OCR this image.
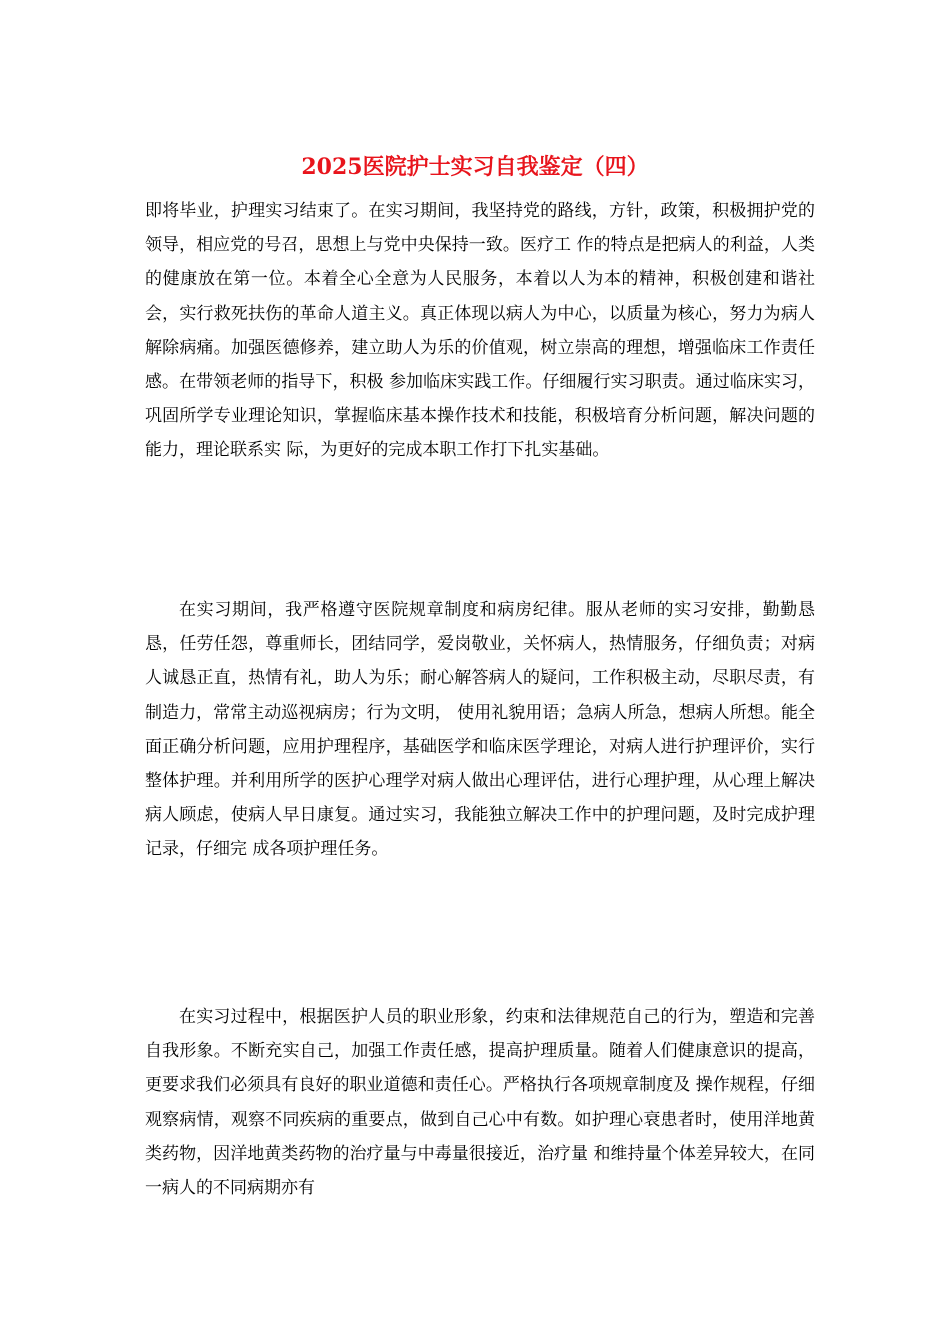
2025医院护士实习自我鉴定（四）

即将毕业，护理实习结束了。在实习期间，我坚持党的路线，方针，政策，积极拥护党的领导，相应党的号召，思想上与党中央保持一致。医疗工 作的特点是把病人的利益，人类的健康放在第一位。本着全心全意为人民服务，本着以人为本的精神，积极创建和谐社会，实行救死扶伤的革命人道主义。真正体现以病人为中心，以质量为核心，努力为病人解除病痛。加强医德修养，建立助人为乐的价值观，树立崇高的理想，增强临床工作责任感。在带领老师的指导下，积极 参加临床实践工作。仔细履行实习职责。通过临床实习，巩固所学专业理论知识，掌握临床基本操作技术和技能，积极培育分析问题，解决问题的能力，理论联系实 际，为更好的完成本职工作打下扎实基础。

在实习期间，我严格遵守医院规章制度和病房纪律。服从老师的实习安排，勤勤恳恳，任劳任怨，尊重师长，团结同学，爱岗敬业，关怀病人，热情服务，仔细负责；对病人诚恳正直，热情有礼，助人为乐；耐心解答病人的疑问，工作积极主动，尽职尽责，有制造力，常常主动巡视病房；行为文明， 使用礼貌用语；急病人所急，想病人所想。能全面正确分析问题，应用护理程序，基础医学和临床医学理论，对病人进行护理评价，实行整体护理。并利用所学的医护心理学对病人做出心理评估，进行心理护理，从心理上解决病人顾虑，使病人早日康复。通过实习，我能独立解决工作中的护理问题，及时完成护理记录，仔细完 成各项护理任务。

在实习过程中，根据医护人员的职业形象，约束和法律规范自己的行为，塑造和完善自我形象。不断充实自己，加强工作责任感，提高护理质量。随着人们健康意识的提高，更要求我们必须具有良好的职业道德和责任心。严格执行各项规章制度及 操作规程，仔细观察病情，观察不同疾病的重要点，做到自己心中有数。如护理心衰患者时，使用洋地黄类药物，因洋地黄类药物的治疗量与中毒量很接近，治疗量 和维持量个体差异较大，在同一病人的不同病期亦有
